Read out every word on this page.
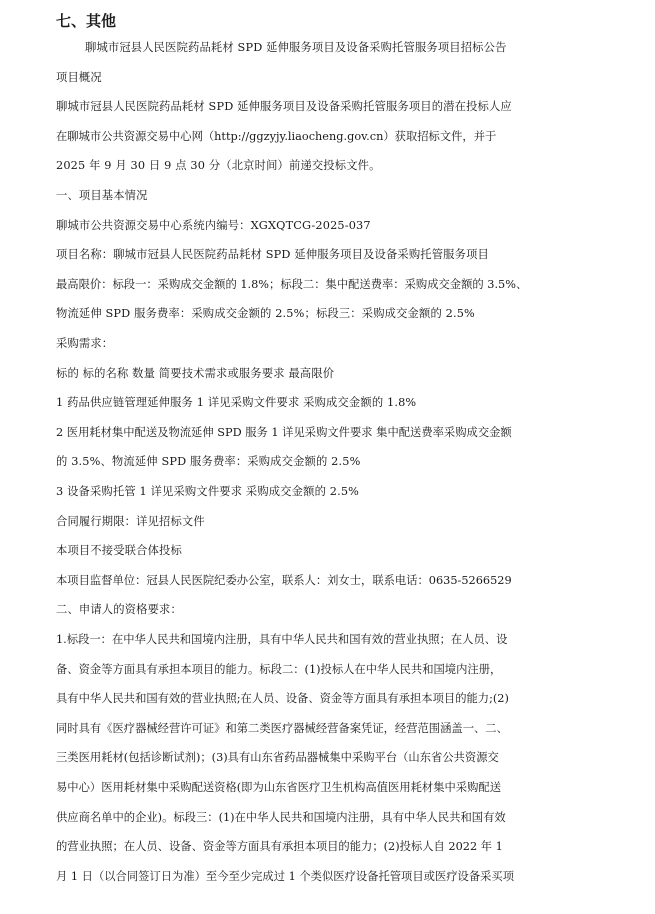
七、其他
聊城市冠县人民医院药品耗材 SPD 延伸服务项目及设备采购托管服务项目招标公告
项目概况
聊城市冠县人民医院药品耗材 SPD 延伸服务项目及设备采购托管服务项目的潜在投标人应
在聊城市公共资源交易中心网（http://ggzyjy.liaocheng.gov.cn）获取招标文件，并于
2025 年 9 月 30 日 9 点 30 分（北京时间）前递交投标文件。
一、项目基本情况
聊城市公共资源交易中心系统内编号：XGXQTCG-2025-037
项目名称：聊城市冠县人民医院药品耗材 SPD 延伸服务项目及设备采购托管服务项目
最高限价：标段一：采购成交金额的 1.8%；标段二：集中配送费率：采购成交金额的 3.5%、
物流延伸 SPD 服务费率：采购成交金额的 2.5%；标段三：采购成交金额的 2.5%
采购需求：
标的 标的名称 数量 简要技术需求或服务要求 最高限价
1 药品供应链管理延伸服务 1 详见采购文件要求 采购成交金额的 1.8%
2 医用耗材集中配送及物流延伸 SPD 服务 1 详见采购文件要求 集中配送费率采购成交金额
的 3.5%、物流延伸 SPD 服务费率：采购成交金额的 2.5%
3 设备采购托管 1 详见采购文件要求 采购成交金额的 2.5%
合同履行期限：详见招标文件
本项目不接受联合体投标
本项目监督单位：冠县人民医院纪委办公室，联系人：刘女士，联系电话：0635-5266529
二、申请人的资格要求：
1.标段一：在中华人民共和国境内注册，具有中华人民共和国有效的营业执照；在人员、设
备、资金等方面具有承担本项目的能力。标段二：(1)投标人在中华人民共和国境内注册，
具有中华人民共和国有效的营业执照;在人员、设备、资金等方面具有承担本项目的能力;(2)
同时具有《医疗器械经营许可证》和第二类医疗器械经营备案凭证，经营范围涵盖一、二、
三类医用耗材(包括诊断试剂)；(3)具有山东省药品器械集中采购平台（山东省公共资源交
易中心）医用耗材集中采购配送资格(即为山东省医疗卫生机构高值医用耗材集中采购配送
供应商名单中的企业)。标段三：(1)在中华人民共和国境内注册，具有中华人民共和国有效
的营业执照；在人员、设备、资金等方面具有承担本项目的能力；(2)投标人自 2022 年 1
月 1 日（以合同签订日为准）至今至少完成过 1 个类似医疗设备托管项目或医疗设备采买项
